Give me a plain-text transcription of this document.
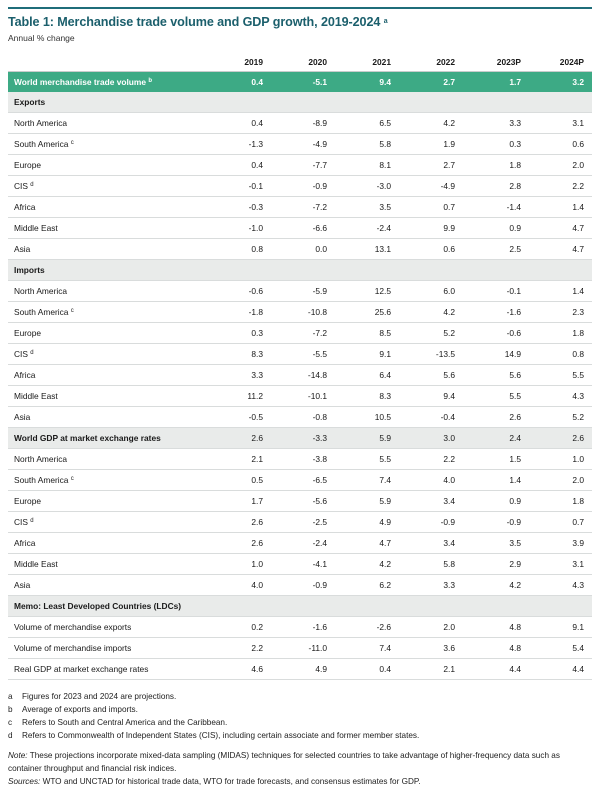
Table 1: Merchandise trade volume and GDP growth, 2019-2024 $^a$
Annual % change
	2019	2020	2021	2022	2023P	2024P
World merchandise trade volume $^b$	0.4	-5.1	9.4	2.7	1.7	3.2
Exports						
North America	0.4	-8.9	6.5	4.2	3.3	3.1
South America $^c$	-1.3	-4.9	5.8	1.9	0.3	0.6
Europe	0.4	-7.7	8.1	2.7	1.8	2.0
CIS $^d$	-0.1	-0.9	-3.0	-4.9	2.8	2.2
Africa	-0.3	-7.2	3.5	0.7	-1.4	1.4
Middle East	-1.0	-6.6	-2.4	9.9	0.9	4.7
Asia	0.8	0.0	13.1	0.6	2.5	4.7
Imports						
North America	-0.6	-5.9	12.5	6.0	-0.1	1.4
South America $^c$	-1.8	-10.8	25.6	4.2	-1.6	2.3
Europe	0.3	-7.2	8.5	5.2	-0.6	1.8
CIS $^d$	8.3	-5.5	9.1	-13.5	14.9	0.8
Africa	3.3	-14.8	6.4	5.6	5.6	5.5
Middle East	11.2	-10.1	8.3	9.4	5.5	4.3
Asia	-0.5	-0.8	10.5	-0.4	2.6	5.2
World GDP at market exchange rates	2.6	-3.3	5.9	3.0	2.4	2.6
North America	2.1	-3.8	5.5	2.2	1.5	1.0
South America $^c$	0.5	-6.5	7.4	4.0	1.4	2.0
Europe	1.7	-5.6	5.9	3.4	0.9	1.8
CIS $^d$	2.6	-2.5	4.9	-0.9	-0.9	0.7
Africa	2.6	-2.4	4.7	3.4	3.5	3.9
Middle East	1.0	-4.1	4.2	5.8	2.9	3.1
Asia	4.0	-0.9	6.2	3.3	4.2	4.3
Memo: Least Developed Countries (LDCs)						
Volume of merchandise exports	0.2	-1.6	-2.6	2.0	4.8	9.1
Volume of merchandise imports	2.2	-11.0	7.4	3.6	4.8	5.4
Real GDP at market exchange rates	4.6	4.9	0.4	2.1	4.4	4.4
a	Figures for 2023 and 2024 are projections.
b	Average of exports and imports.
c	Refers to South and Central America and the Caribbean.
d	Refers to Commonwealth of Independent States (CIS), including certain associate and former member states.
Note: These projections incorporate mixed-data sampling (MIDAS) techniques for selected countries to take advantage of higher-frequency data such as container throughput and financial risk indices.
Sources: WTO and UNCTAD for historical trade data, WTO for trade forecasts, and consensus estimates for GDP.
